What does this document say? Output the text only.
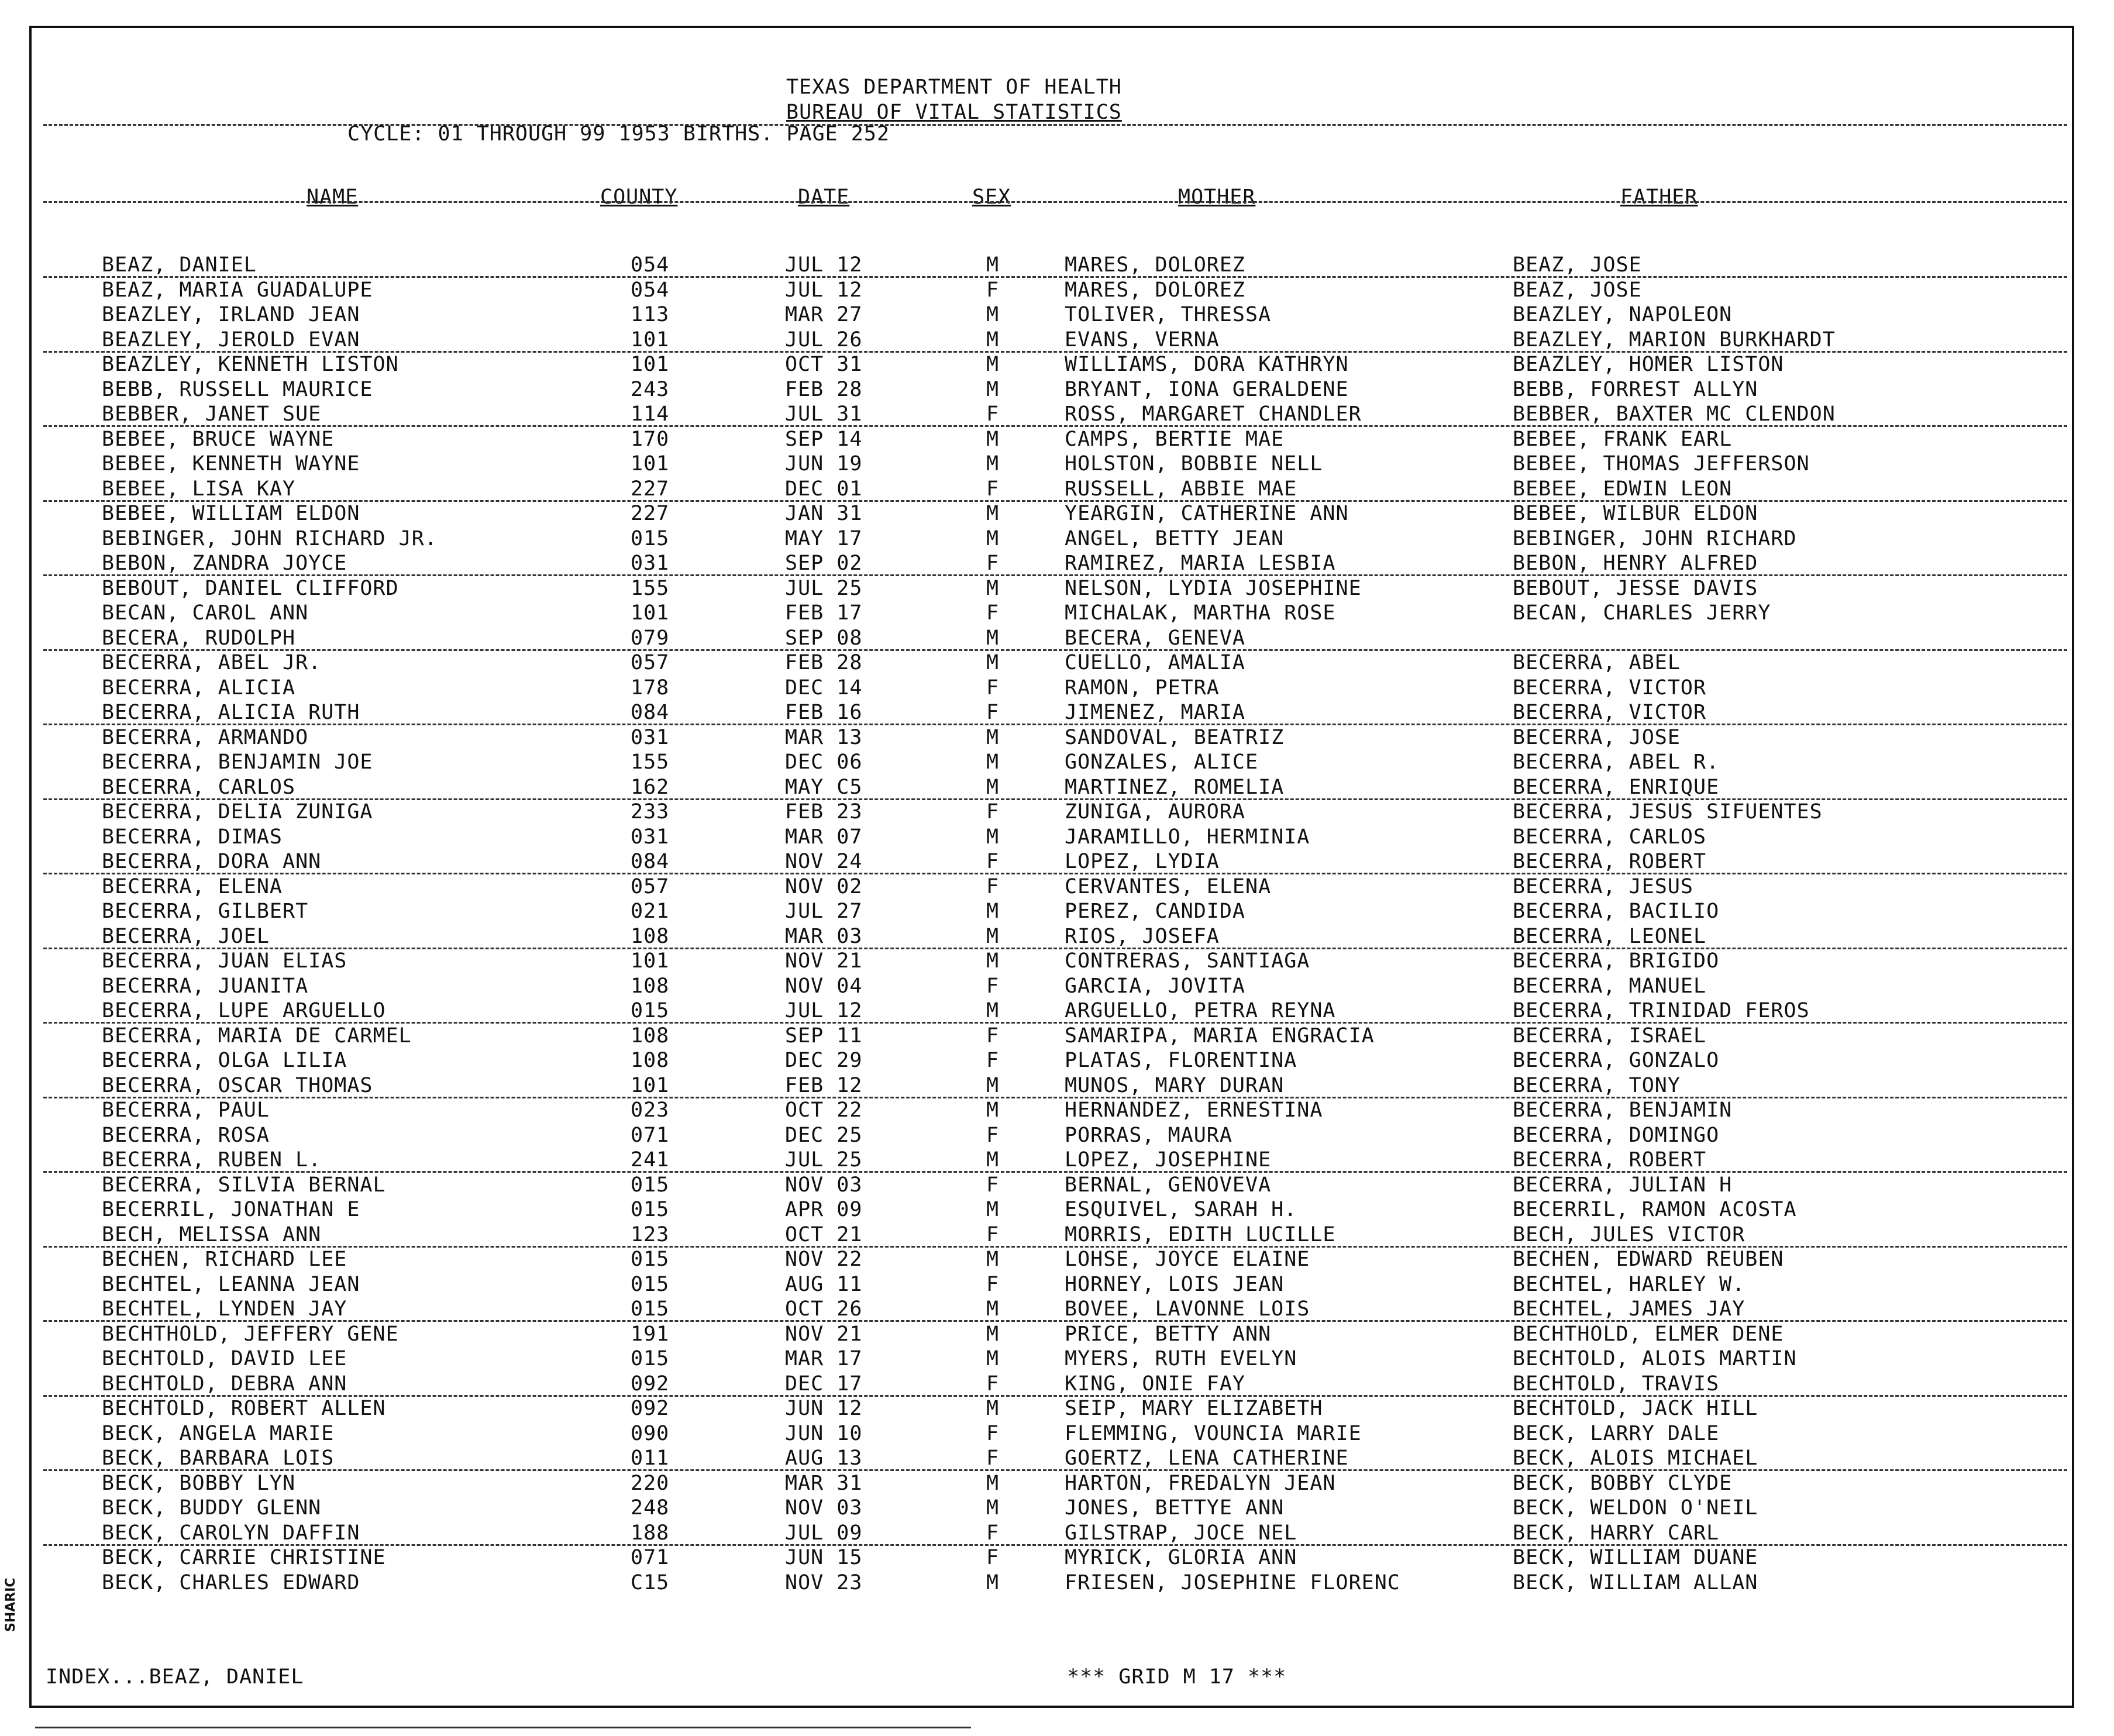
TEXAS DEPARTMENT OF HEALTH
BUREAU OF VITAL STATISTICS
CYCLE: 01 THROUGH 99 1953 BIRTHS. PAGE 252
NAME	COUNTY	DATE	SEX	MOTHER	FATHER
BEAZ, DANIEL	054	JUL 12	M	MARES, DOLOREZ	BEAZ, JOSE
BEAZ, MARIA GUADALUPE	054	JUL 12	F	MARES, DOLOREZ	BEAZ, JOSE
BEAZLEY, IRLAND JEAN	113	MAR 27	M	TOLIVER, THRESSA	BEAZLEY, NAPOLEON
BEAZLEY, JEROLD EVAN	101	JUL 26	M	EVANS, VERNA	BEAZLEY, MARION BURKHARDT
BEAZLEY, KENNETH LISTON	101	OCT 31	M	WILLIAMS, DORA KATHRYN	BEAZLEY, HOMER LISTON
BEBB, RUSSELL MAURICE	243	FEB 28	M	BRYANT, IONA GERALDENE	BEBB, FORREST ALLYN
BEBBER, JANET SUE	114	JUL 31	F	ROSS, MARGARET CHANDLER	BEBBER, BAXTER MC CLENDON
BEBEE, BRUCE WAYNE	170	SEP 14	M	CAMPS, BERTIE MAE	BEBEE, FRANK EARL
BEBEE, KENNETH WAYNE	101	JUN 19	M	HOLSTON, BOBBIE NELL	BEBEE, THOMAS JEFFERSON
BEBEE, LISA KAY	227	DEC 01	F	RUSSELL, ABBIE MAE	BEBEE, EDWIN LEON
BEBEE, WILLIAM ELDON	227	JAN 31	M	YEARGIN, CATHERINE ANN	BEBEE, WILBUR ELDON
BEBINGER, JOHN RICHARD JR.	015	MAY 17	M	ANGEL, BETTY JEAN	BEBINGER, JOHN RICHARD
BEBON, ZANDRA JOYCE	031	SEP 02	F	RAMIREZ, MARIA LESBIA	BEBON, HENRY ALFRED
BEBOUT, DANIEL CLIFFORD	155	JUL 25	M	NELSON, LYDIA JOSEPHINE	BEBOUT, JESSE DAVIS
BECAN, CAROL ANN	101	FEB 17	F	MICHALAK, MARTHA ROSE	BECAN, CHARLES JERRY
BECERA, RUDOLPH	079	SEP 08	M	BECERA, GENEVA
BECERRA, ABEL JR.	057	FEB 28	M	CUELLO, AMALIA	BECERRA, ABEL
BECERRA, ALICIA	178	DEC 14	F	RAMON, PETRA	BECERRA, VICTOR
BECERRA, ALICIA RUTH	084	FEB 16	F	JIMENEZ, MARIA	BECERRA, VICTOR
BECERRA, ARMANDO	031	MAR 13	M	SANDOVAL, BEATRIZ	BECERRA, JOSE
BECERRA, BENJAMIN JOE	155	DEC 06	M	GONZALES, ALICE	BECERRA, ABEL R.
BECERRA, CARLOS	162	MAY C5	M	MARTINEZ, ROMELIA	BECERRA, ENRIQUE
BECERRA, DELIA ZUNIGA	233	FEB 23	F	ZUNIGA, AURORA	BECERRA, JESUS SIFUENTES
BECERRA, DIMAS	031	MAR 07	M	JARAMILLO, HERMINIA	BECERRA, CARLOS
BECERRA, DORA ANN	084	NOV 24	F	LOPEZ, LYDIA	BECERRA, ROBERT
BECERRA, ELENA	057	NOV 02	F	CERVANTES, ELENA	BECERRA, JESUS
BECERRA, GILBERT	021	JUL 27	M	PEREZ, CANDIDA	BECERRA, BACILIO
BECERRA, JOEL	108	MAR 03	M	RIOS, JOSEFA	BECERRA, LEONEL
BECERRA, JUAN ELIAS	101	NOV 21	M	CONTRERAS, SANTIAGA	BECERRA, BRIGIDO
BECERRA, JUANITA	108	NOV 04	F	GARCIA, JOVITA	BECERRA, MANUEL
BECERRA, LUPE ARGUELLO	015	JUL 12	M	ARGUELLO, PETRA REYNA	BECERRA, TRINIDAD FEROS
BECERRA, MARIA DE CARMEL	108	SEP 11	F	SAMARIPA, MARIA ENGRACIA	BECERRA, ISRAEL
BECERRA, OLGA LILIA	108	DEC 29	F	PLATAS, FLORENTINA	BECERRA, GONZALO
BECERRA, OSCAR THOMAS	101	FEB 12	M	MUNOS, MARY DURAN	BECERRA, TONY
BECERRA, PAUL	023	OCT 22	M	HERNANDEZ, ERNESTINA	BECERRA, BENJAMIN
BECERRA, ROSA	071	DEC 25	F	PORRAS, MAURA	BECERRA, DOMINGO
BECERRA, RUBEN L.	241	JUL 25	M	LOPEZ, JOSEPHINE	BECERRA, ROBERT
BECERRA, SILVIA BERNAL	015	NOV 03	F	BERNAL, GENOVEVA	BECERRA, JULIAN H
BECERRIL, JONATHAN E	015	APR 09	M	ESQUIVEL, SARAH H.	BECERRIL, RAMON ACOSTA
BECH, MELISSA ANN	123	OCT 21	F	MORRIS, EDITH LUCILLE	BECH, JULES VICTOR
BECHEN, RICHARD LEE	015	NOV 22	M	LOHSE, JOYCE ELAINE	BECHEN, EDWARD REUBEN
BECHTEL, LEANNA JEAN	015	AUG 11	F	HORNEY, LOIS JEAN	BECHTEL, HARLEY W.
BECHTEL, LYNDEN JAY	015	OCT 26	M	BOVEE, LAVONNE LOIS	BECHTEL, JAMES JAY
BECHTHOLD, JEFFERY GENE	191	NOV 21	M	PRICE, BETTY ANN	BECHTHOLD, ELMER DENE
BECHTOLD, DAVID LEE	015	MAR 17	M	MYERS, RUTH EVELYN	BECHTOLD, ALOIS MARTIN
BECHTOLD, DEBRA ANN	092	DEC 17	F	KING, ONIE FAY	BECHTOLD, TRAVIS
BECHTOLD, ROBERT ALLEN	092	JUN 12	M	SEIP, MARY ELIZABETH	BECHTOLD, JACK HILL
BECK, ANGELA MARIE	090	JUN 10	F	FLEMMING, VOUNCIA MARIE	BECK, LARRY DALE
BECK, BARBARA LOIS	011	AUG 13	F	GOERTZ, LENA CATHERINE	BECK, ALOIS MICHAEL
BECK, BOBBY LYN	220	MAR 31	M	HARTON, FREDALYN JEAN	BECK, BOBBY CLYDE
BECK, BUDDY GLENN	248	NOV 03	M	JONES, BETTYE ANN	BECK, WELDON O'NEIL
BECK, CAROLYN DAFFIN	188	JUL 09	F	GILSTRAP, JOCE NEL	BECK, HARRY CARL
BECK, CARRIE CHRISTINE	071	JUN 15	F	MYRICK, GLORIA ANN	BECK, WILLIAM DUANE
BECK, CHARLES EDWARD	C15	NOV 23	M	FRIESEN, JOSEPHINE FLORENC	BECK, WILLIAM ALLAN
INDEX...BEAZ, DANIEL	*** GRID M 17 ***
SHARIC
